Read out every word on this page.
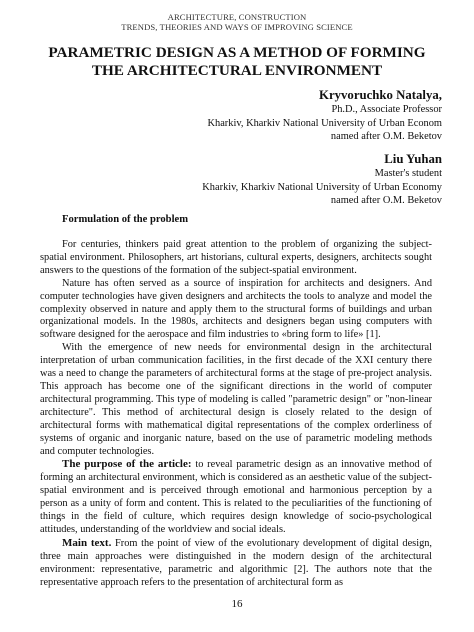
ARCHITECTURE, CONSTRUCTION
TRENDS, THEORIES AND WAYS OF IMPROVING SCIENCE
PARAMETRIC DESIGN AS A METHOD OF FORMING
THE ARCHITECTURAL ENVIRONMENT
Kryvoruchko Natalya,
Ph.D., Associate Professor
Kharkiv, Kharkiv National University of Urban Econom
named after O.M. Beketov
Liu Yuhan
Master's student
Kharkiv, Kharkiv National University of Urban Economy
named after O.M. Beketov
Formulation of the problem

For centuries, thinkers paid great attention to the problem of organizing the subject-spatial environment. Philosophers, art historians, cultural experts, designers, architects sought answers to the questions of the formation of the subject-spatial environment.

Nature has often served as a source of inspiration for architects and designers. And computer technologies have given designers and architects the tools to analyze and model the complexity observed in nature and apply them to the structural forms of buildings and urban organizational models. In the 1980s, architects and designers began using computers with software designed for the aerospace and film industries to «bring form to life» [1].

With the emergence of new needs for environmental design in the architectural interpretation of urban communication facilities, in the first decade of the XXI century there was a need to change the parameters of architectural forms at the stage of pre-project analysis. This approach has become one of the significant directions in the world of computer architectural programming. This type of modeling is called "parametric design" or "non-linear architecture". This method of architectural design is closely related to the design of architectural forms with mathematical digital representations of the complex orderliness of systems of organic and inorganic nature, based on the use of parametric modeling methods and computer technologies.

The purpose of the article: to reveal parametric design as an innovative method of forming an architectural environment, which is considered as an aesthetic value of the subject-spatial environment and is perceived through emotional and harmonious perception by a person as a unity of form and content. This is related to the peculiarities of the functioning of things in the field of culture, which requires design knowledge of socio-psychological attitudes, understanding of the worldview and social ideals.

Main text. From the point of view of the evolutionary development of digital design, three main approaches were distinguished in the modern design of the architectural environment: representative, parametric and algorithmic [2]. The authors note that the representative approach refers to the presentation of architectural form as

16
